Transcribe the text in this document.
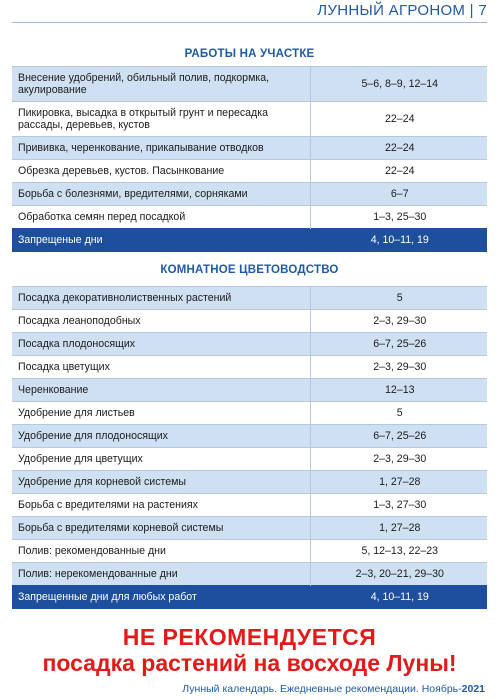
ЛУННЫЙ АГРОНОМ | 7
РАБОТЫ НА УЧАСТКЕ
Внесение удобрений, обильный полив, подкормка, акулирование	5–6, 8–9, 12–14
Пикировка, высадка в открытый грунт и пересадка рассады, деревьев, кустов	22–24
Прививка, черенкование, прикапывание отводков	22–24
Обрезка деревьев, кустов. Пасынкование	22–24
Борьба с болезнями, вредителями, сорняками	6–7
Обработка семян перед посадкой	1–3, 25–30
Запрещеные дни	4, 10–11, 19
КОМНАТНОЕ ЦВЕТОВОДСТВО
Посадка декоративнолиственных растений	5
Посадка леаноподобных	2–3, 29–30
Посадка плодоносящих	6–7, 25–26
Посадка цветущих	2–3, 29–30
Черенкование	12–13
Удобрение для листьев	5
Удобрение для плодоносящих	6–7, 25–26
Удобрение для цветущих	2–3, 29–30
Удобрение для корневой системы	1, 27–28
Борьба с вредителями на растениях	1–3, 27–30
Борьба с вредителями корневой системы	1, 27–28
Полив: рекомендованные дни	5, 12–13, 22–23
Полив: нерекомендованные дни	2–3, 20–21, 29–30
Запрещенные дни для любых работ	4, 10–11, 19
НЕ РЕКОМЕНДУЕТСЯ
посадка растений на восходе Луны!
Лунный календарь. Ежедневные рекомендации. Ноябрь-2021
